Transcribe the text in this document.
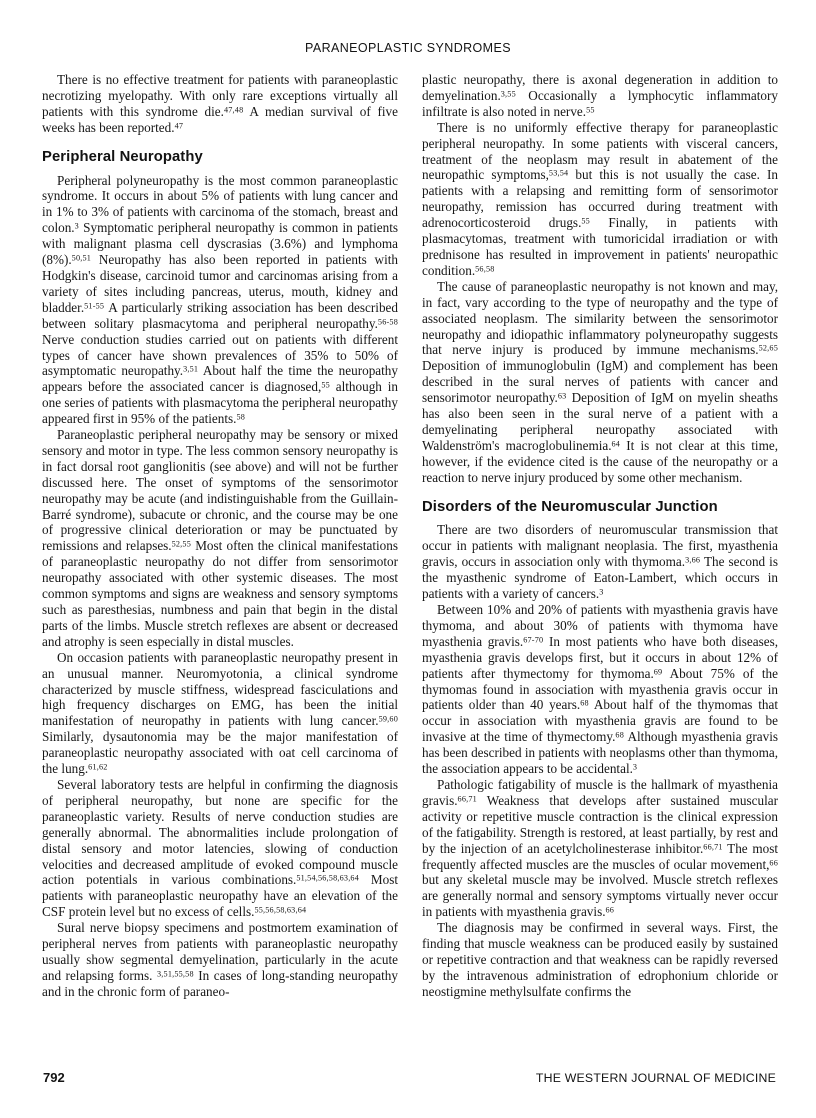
PARANEOPLASTIC SYNDROMES

There is no effective treatment for patients with paraneoplastic necrotizing myelopathy. With only rare exceptions virtually all patients with this syndrome die.$^{47,48}$ A median survival of five weeks has been reported.$^{47}$

Peripheral Neuropathy

Peripheral polyneuropathy is the most common paraneoplastic syndrome. It occurs in about 5% of patients with lung cancer and in 1% to 3% of patients with carcinoma of the stomach, breast and colon.$^3$ Symptomatic peripheral neuropathy is common in patients with malignant plasma cell dyscrasias (3.6%) and lymphoma (8%).$^{50,51}$ Neuropathy has also been reported in patients with Hodgkin's disease, carcinoid tumor and carcinomas arising from a variety of sites including pancreas, uterus, mouth, kidney and bladder.$^{51-55}$ A particularly striking association has been described between solitary plasmacytoma and peripheral neuropathy.$^{56-58}$ Nerve conduction studies carried out on patients with different types of cancer have shown prevalences of 35% to 50% of asymptomatic neuropathy.$^{3,51}$ About half the time the neuropathy appears before the associated cancer is diagnosed,$^{55}$ although in one series of patients with plasmacytoma the peripheral neuropathy appeared first in 95% of the patients.$^{58}$

Paraneoplastic peripheral neuropathy may be sensory or mixed sensory and motor in type. The less common sensory neuropathy is in fact dorsal root ganglionitis (see above) and will not be further discussed here. The onset of symptoms of the sensorimotor neuropathy may be acute (and indistinguishable from the Guillain-Barré syndrome), subacute or chronic, and the course may be one of progressive clinical deterioration or may be punctuated by remissions and relapses.$^{52,55}$ Most often the clinical manifestations of paraneoplastic neuropathy do not differ from sensorimotor neuropathy associated with other systemic diseases. The most common symptoms and signs are weakness and sensory symptoms such as paresthesias, numbness and pain that begin in the distal parts of the limbs. Muscle stretch reflexes are absent or decreased and atrophy is seen especially in distal muscles.

On occasion patients with paraneoplastic neuropathy present in an unusual manner. Neuromyotonia, a clinical syndrome characterized by muscle stiffness, widespread fasciculations and high frequency discharges on EMG, has been the initial manifestation of neuropathy in patients with lung cancer.$^{59,60}$ Similarly, dysautonomia may be the major manifestation of paraneoplastic neuropathy associated with oat cell carcinoma of the lung.$^{61,62}$

Several laboratory tests are helpful in confirming the diagnosis of peripheral neuropathy, but none are specific for the paraneoplastic variety. Results of nerve conduction studies are generally abnormal. The abnormalities include prolongation of distal sensory and motor latencies, slowing of conduction velocities and decreased amplitude of evoked compound muscle action potentials in various combinations.$^{51,54,56,58,63,64}$ Most patients with paraneoplastic neuropathy have an elevation of the CSF protein level but no excess of cells.$^{55,56,58,63,64}$

Sural nerve biopsy specimens and postmortem examination of peripheral nerves from patients with paraneoplastic neuropathy usually show segmental demyelination, particularly in the acute and relapsing forms. $^{3,51,55,58}$ In cases of long-standing neuropathy and in the chronic form of paraneo-

plastic neuropathy, there is axonal degeneration in addition to demyelination.$^{3,55}$ Occasionally a lymphocytic inflammatory infiltrate is also noted in nerve.$^{55}$

There is no uniformly effective therapy for paraneoplastic peripheral neuropathy. In some patients with visceral cancers, treatment of the neoplasm may result in abatement of the neuropathic symptoms,$^{53,54}$ but this is not usually the case. In patients with a relapsing and remitting form of sensorimotor neuropathy, remission has occurred during treatment with adrenocorticosteroid drugs.$^{55}$ Finally, in patients with plasmacytomas, treatment with tumoricidal irradiation or with prednisone has resulted in improvement in patients' neuropathic condition.$^{56,58}$

The cause of paraneoplastic neuropathy is not known and may, in fact, vary according to the type of neuropathy and the type of associated neoplasm. The similarity between the sensorimotor neuropathy and idiopathic inflammatory polyneuropathy suggests that nerve injury is produced by immune mechanisms.$^{52,65}$ Deposition of immunoglobulin (IgM) and complement has been described in the sural nerves of patients with cancer and sensorimotor neuropathy.$^{63}$ Deposition of IgM on myelin sheaths has also been seen in the sural nerve of a patient with a demyelinating peripheral neuropathy associated with Waldenström's macroglobulinemia.$^{64}$ It is not clear at this time, however, if the evidence cited is the cause of the neuropathy or a reaction to nerve injury produced by some other mechanism.

Disorders of the Neuromuscular Junction

There are two disorders of neuromuscular transmission that occur in patients with malignant neoplasia. The first, myasthenia gravis, occurs in association only with thymoma.$^{3,66}$ The second is the myasthenic syndrome of Eaton-Lambert, which occurs in patients with a variety of cancers.$^3$

Between 10% and 20% of patients with myasthenia gravis have thymoma, and about 30% of patients with thymoma have myasthenia gravis.$^{67-70}$ In most patients who have both diseases, myasthenia gravis develops first, but it occurs in about 12% of patients after thymectomy for thymoma.$^{69}$ About 75% of the thymomas found in association with myasthenia gravis occur in patients older than 40 years.$^{68}$ About half of the thymomas that occur in association with myasthenia gravis are found to be invasive at the time of thymectomy.$^{68}$ Although myasthenia gravis has been described in patients with neoplasms other than thymoma, the association appears to be accidental.$^3$

Pathologic fatigability of muscle is the hallmark of myasthenia gravis.$^{66,71}$ Weakness that develops after sustained muscular activity or repetitive muscle contraction is the clinical expression of the fatigability. Strength is restored, at least partially, by rest and by the injection of an acetylcholinesterase inhibitor.$^{66,71}$ The most frequently affected muscles are the muscles of ocular movement,$^{66}$ but any skeletal muscle may be involved. Muscle stretch reflexes are generally normal and sensory symptoms virtually never occur in patients with myasthenia gravis.$^{66}$

The diagnosis may be confirmed in several ways. First, the finding that muscle weakness can be produced easily by sustained or repetitive contraction and that weakness can be rapidly reversed by the intravenous administration of edrophonium chloride or neostigmine methylsulfate confirms the

792	THE WESTERN JOURNAL OF MEDICINE
